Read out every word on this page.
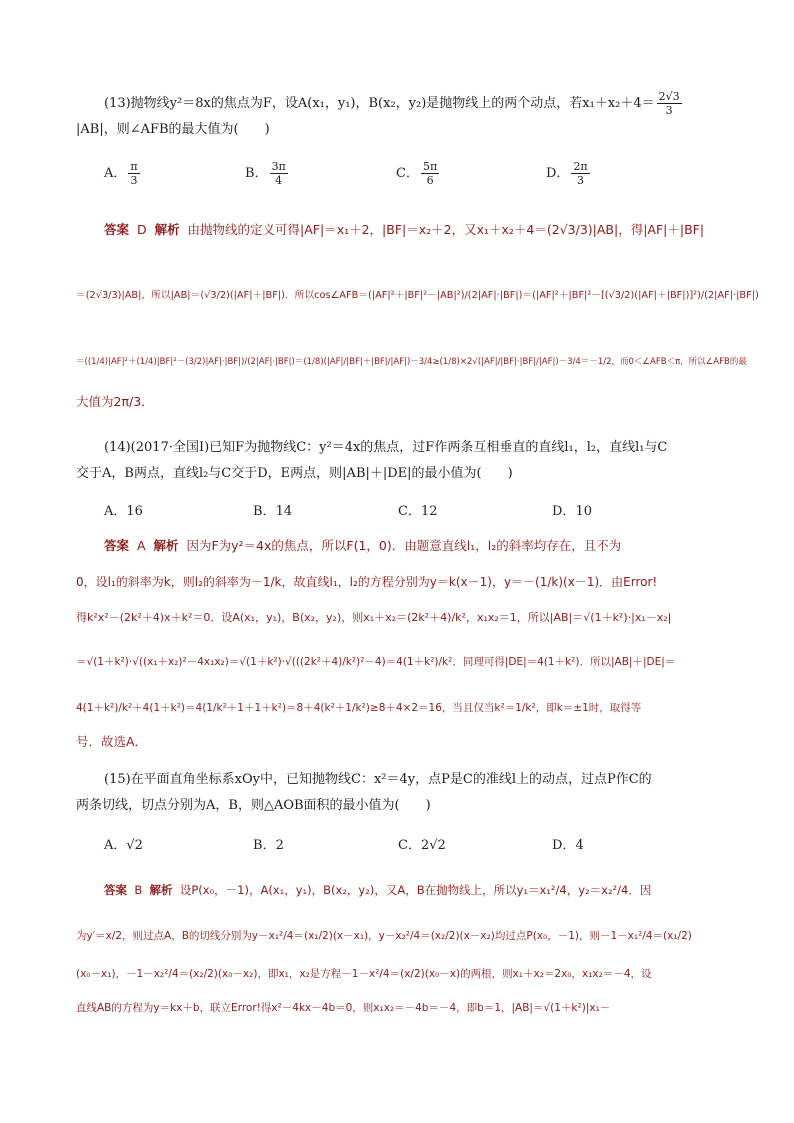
(13)抛物线y²＝8x的焦点为F，设A(x₁，y₁)，B(x₂，y₂)是抛物线上的两个动点，若$x_1+x_2+4= \frac{2√3}{3}$
|AB|，则∠AFB的最大值为(　　)
A． $\frac{\pi}{3}$	B． $\frac{3\pi}{4}$	C． $\frac{5\pi}{6}$	D． $\frac{2\pi}{3}$
答案 D 解析 由抛物线的定义可得|AF|＝x₁＋2，|BF|＝x₂＋2，又x₁＋x₂＋4＝(2√3/3)|AB|，得|AF|＋|BF|
＝(2√3/3)|AB|，所以|AB|＝(√3/2)(|AF|＋|BF|)．所以cos∠AFB＝(|AF|²＋|BF|²－|AB|²)/(2|AF|·|BF|)＝(|AF|²＋|BF|²－[(√3/2)(|AF|＋|BF|)]²)/(2|AF|·|BF|)
＝((1/4)|AF|²＋(1/4)|BF|²－(3/2)|AF|·|BF|)/(2|AF|·|BF|)＝(1/8)(|AF|/|BF|＋|BF|/|AF|)－3/4≥(1/8)×2√(|AF|/|BF|·|BF|/|AF|)－3/4＝－1/2，而0＜∠AFB＜π，所以∠AFB的最
大值为2π/3．
(14)(2017·全国Ⅰ)已知F为抛物线C：y²＝4x的焦点，过F作两条互相垂直的直线l₁，l₂，直线l₁与C
交于A，B两点，直线l₂与C交于D，E两点，则|AB|＋|DE|的最小值为(　　)
A．16	B．14	C．12	D．10
答案 A 解析 因为F为y²＝4x的焦点，所以F(1，0)．由题意直线l₁，l₂的斜率均存在，且不为
0，设l₁的斜率为k，则l₂的斜率为－1/k，故直线l₁，l₂的方程分别为y＝k(x－1)，y＝－(1/k)(x－1)．由Error!
得k²x²－(2k²＋4)x＋k²＝0．设A(x₁，y₁)，B(x₂，y₂)，则x₁＋x₂＝(2k²＋4)/k²，x₁x₂＝1，所以|AB|＝√(1＋k²)·|x₁－x₂|
＝√(1＋k²)·√((x₁＋x₂)²－4x₁x₂)＝√(1＋k²)·√(((2k²＋4)/k²)²－4)＝4(1＋k²)/k²．同理可得|DE|＝4(1＋k²)．所以|AB|＋|DE|＝
4(1＋k²)/k²＋4(1＋k²)＝4(1/k²＋1＋1＋k²)＝8＋4(k²＋1/k²)≥8＋4×2＝16，当且仅当k²＝1/k²，即k＝±1时，取得等
号．故选A．
(15)在平面直角坐标系xOy中，已知抛物线C：x²＝4y，点P是C的准线l上的动点，过点P作C的
两条切线，切点分别为A，B，则△AOB面积的最小值为(　　)
A．√2	B．2	C．2√2	D．4
答案 B 解析 设P(x₀，－1)，A(x₁，y₁)，B(x₂，y₂)，又A，B在抛物线上，所以y₁＝x₁²/4，y₂＝x₂²/4．因
为y′＝x/2，则过点A，B的切线分别为y－x₁²/4＝(x₁/2)(x－x₁)，y－x₂²/4＝(x₂/2)(x－x₂)均过点P(x₀，－1)，则－1－x₁²/4＝(x₁/2)
(x₀－x₁)，－1－x₂²/4＝(x₂/2)(x₀－x₂)，即x₁，x₂是方程－1－x²/4＝(x/2)(x₀－x)的两根，则x₁＋x₂＝2x₀，x₁x₂＝－4，设
直线AB的方程为y＝kx＋b，联立Error!得x²－4kx－4b＝0，则x₁x₂＝－4b＝－4，即b＝1，|AB|＝√(1＋k²)|x₁－
